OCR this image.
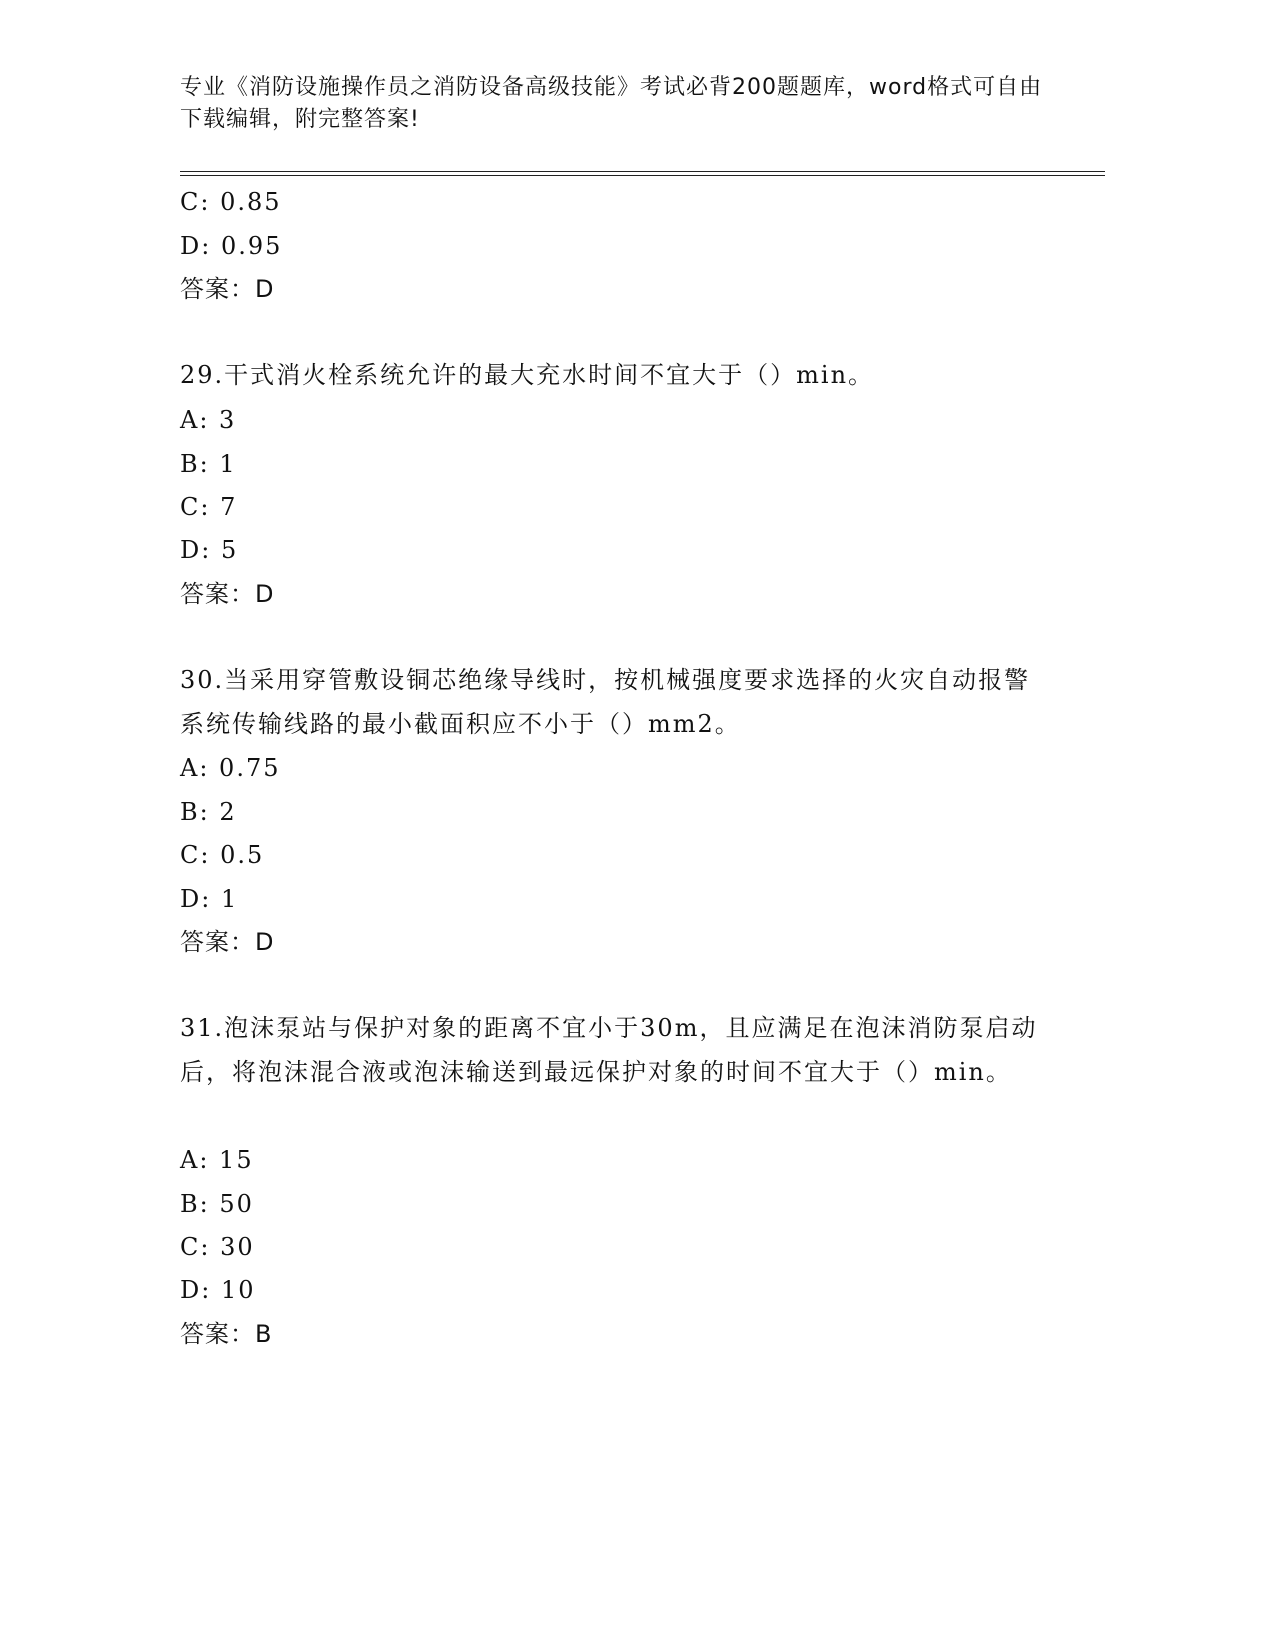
专业《消防设施操作员之消防设备高级技能》考试必背200题题库，word格式可自由下载编辑，附完整答案!
C: 0.85
D: 0.95
答案：D
29.干式消火栓系统允许的最大充水时间不宜大于（）min。
A: 3
B: 1
C: 7
D: 5
答案：D
30.当采用穿管敷设铜芯绝缘导线时，按机械强度要求选择的火灾自动报警系统传输线路的最小截面积应不小于（）mm2。
A: 0.75
B: 2
C: 0.5
D: 1
答案：D
31.泡沫泵站与保护对象的距离不宜小于30m，且应满足在泡沫消防泵启动后，将泡沫混合液或泡沫输送到最远保护对象的时间不宜大于（）min。
A: 15
B: 50
C: 30
D: 10
答案：B
